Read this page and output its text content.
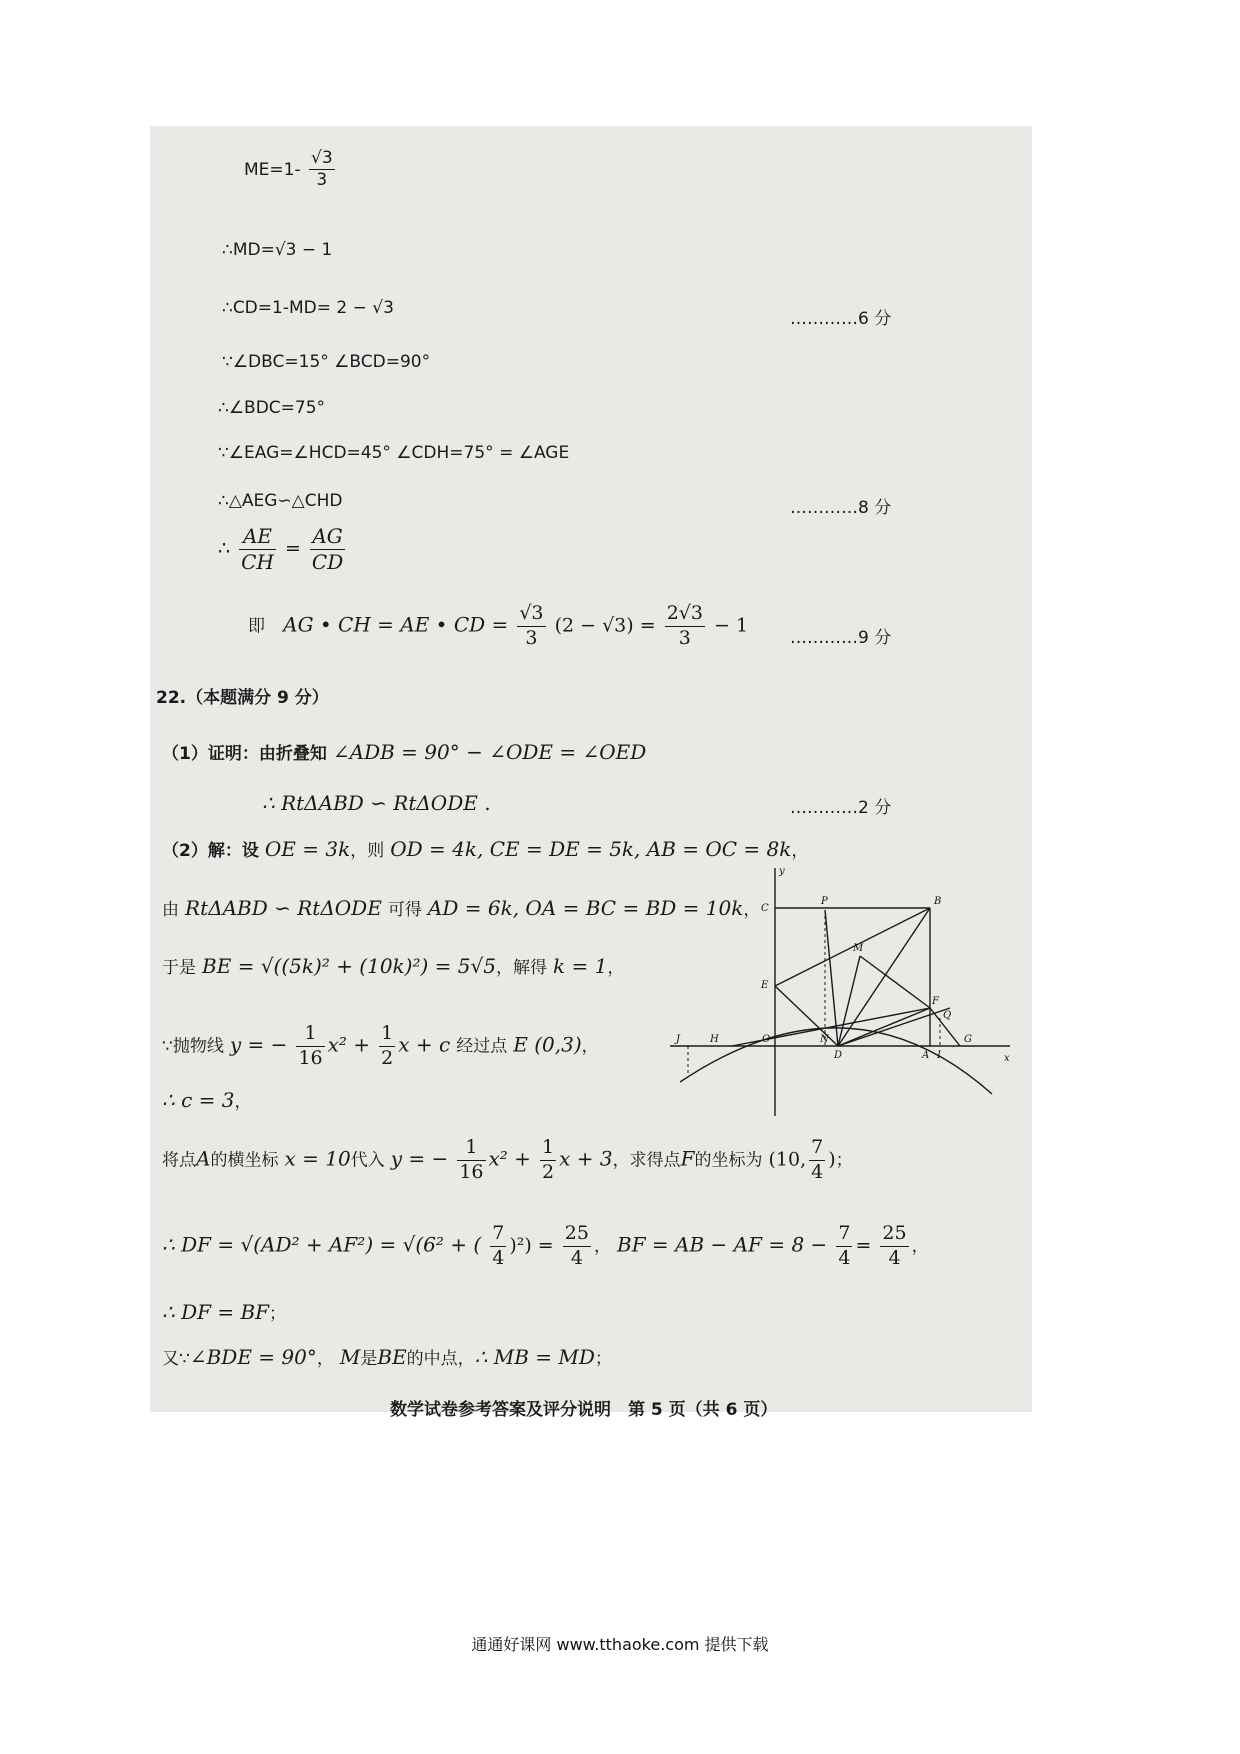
$ME=1- \frac{√3}{3}$
∴MD=√3 − 1
∴CD=1-MD= 2 − √3
…………6 分
∵∠DBC=15° ∠BCD=90°
∴∠BDC=75°
∵∠EAG=∠HCD=45° ∠CDH=75° = ∠AGE
∴△AEG∽△CHD	…………8 分
∴ $\frac{AE}{CH} = \frac{AG}{CD}$
即 AG • CH = AE • CD = $\frac{√3}{3} (2 - √3) = \frac{2√3}{3} - 1$
…………9 分
22.（本题满分 9 分）
（1）证明：由折叠知 ∠ADB = 90° − ∠ODE = ∠OED
∴ RtΔABD ∽ RtΔODE .	…………2 分
（2）解：设 OE = 3k，则 OD = 4k, CE = DE = 5k, AB = OC = 8k，
由 RtΔABD ∽ RtΔODE 可得 AD = 6k, OA = BC = BD = 10k，
于是 BE = √((5k)² + (10k)²) = 5√5，解得 k = 1，
∵抛物线 y = − $\frac{1}{16} x^2 + \frac{1}{2}$ x + c 经过点 E (0,3)，
∴ c = 3，
将点A的横坐标 x = 10代入 y = − $\frac{1}{16} x^2 + \frac{1}{2}$ x + 3，求得点F的坐标为 (10, $\frac{7}{4}$ )；
∴ DF = √(AD² + AF²) = √(6² + ( $\frac{7}{4} )^2) = \frac{25}{4}$ ， BF = AB − AF = $8 - \frac{7}{4} = \frac{25}{4}$ ，
∴ DF = BF；
又∵∠BDE = 90°， M是BE的中点，∴ MB = MD；
y
x
C
P	B
M
E
F
Q
J	H	O	N
D	A I
G
数学试卷参考答案及评分说明　第 5 页（共 6 页）
通通好课网 www.tthaoke.com 提供下载
